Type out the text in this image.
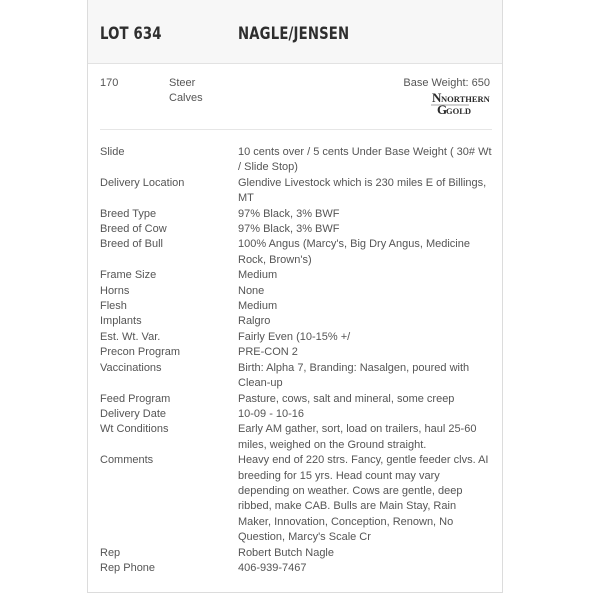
LOT 634	NAGLE/JENSEN
170	Steer
Calves
Base Weight: 650
N NORTHERN
G
GOLD
Slide	10 cents over / 5 cents Under Base Weight ( 30# Wt / Slide Stop)
Delivery Location	Glendive Livestock which is 230 miles E of Billings, MT
Breed Type	97% Black, 3% BWF
Breed of Cow	97% Black, 3% BWF
Breed of Bull	100% Angus (Marcy's, Big Dry Angus, Medicine Rock, Brown's)
Frame Size	Medium
Horns	None
Flesh	Medium
Implants	Ralgro
Est. Wt. Var.	Fairly Even (10-15% +/
Precon Program	PRE-CON 2
Vaccinations	Birth: Alpha 7, Branding: Nasalgen, poured with Clean-up
Feed Program	Pasture, cows, salt and mineral, some creep
Delivery Date	10-09 - 10-16
Wt Conditions	Early AM gather, sort, load on trailers, haul 25-60 miles, weighed on the Ground straight.
Comments	Heavy end of 220 strs. Fancy, gentle feeder clvs. AI breeding for 15 yrs. Head count may vary depending on weather. Cows are gentle, deep ribbed, make CAB. Bulls are Main Stay, Rain Maker, Innovation, Conception, Renown, No Question, Marcy's Scale Cr
Rep	Robert Butch Nagle
Rep Phone	406-939-7467
